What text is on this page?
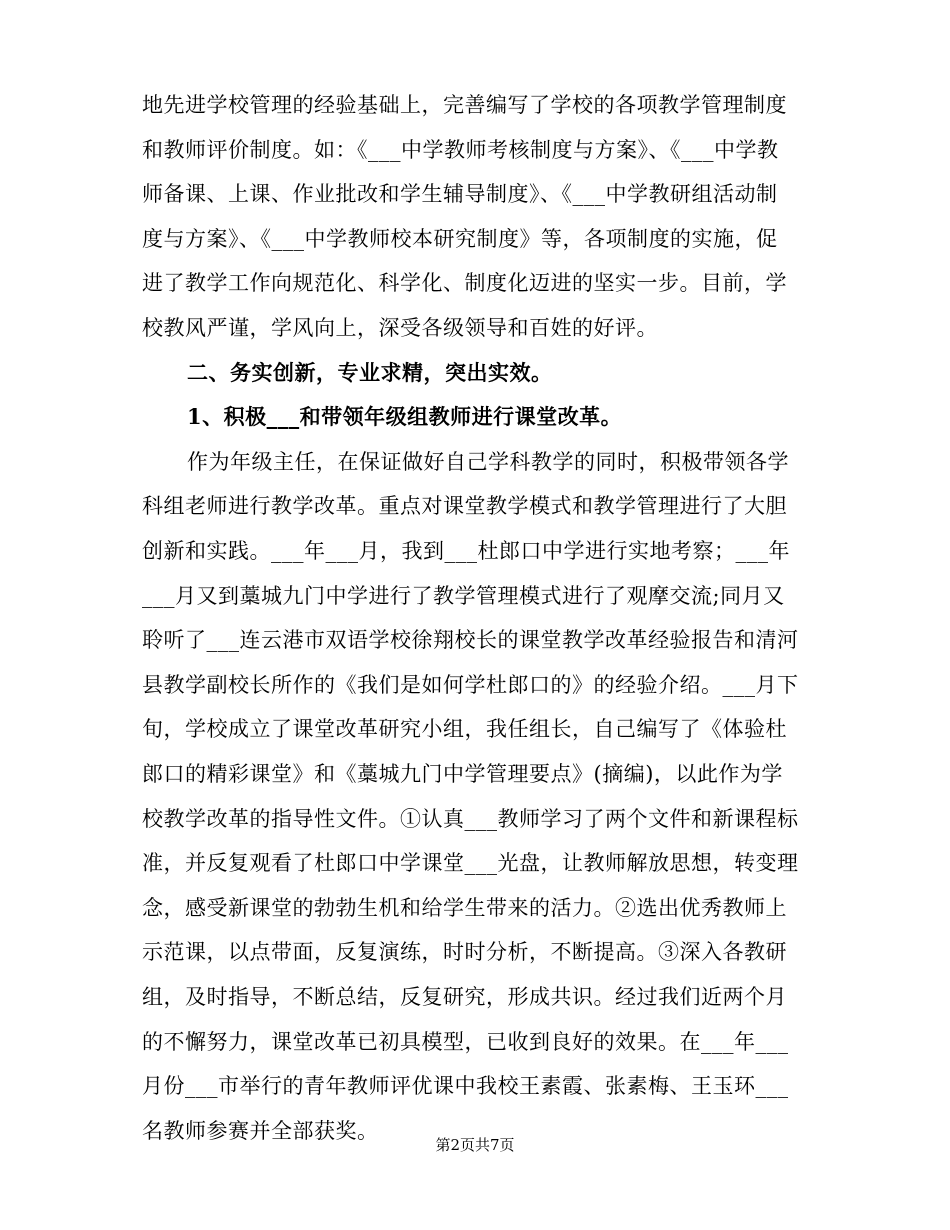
地先进学校管理的经验基础上，完善编写了学校的各项教学管理制度
和教师评价制度。如：《___中学教师考核制度与方案》、《___中学教
师备课、上课、作业批改和学生辅导制度》、《___中学教研组活动制
度与方案》、《___中学教师校本研究制度》等，各项制度的实施，促
进了教学工作向规范化、科学化、制度化迈进的坚实一步。目前，学
校教风严谨，学风向上，深受各级领导和百姓的好评。
二、务实创新，专业求精，突出实效。
1、积极___和带领年级组教师进行课堂改革。
作为年级主任，在保证做好自己学科教学的同时，积极带领各学
科组老师进行教学改革。重点对课堂教学模式和教学管理进行了大胆
创新和实践。___年___月，我到___杜郎口中学进行实地考察；___年
___月又到藁城九门中学进行了教学管理模式进行了观摩交流;同月又
聆听了___连云港市双语学校徐翔校长的课堂教学改革经验报告和清河
县教学副校长所作的《我们是如何学杜郎口的》的经验介绍。___月下
旬，学校成立了课堂改革研究小组，我任组长，自己编写了《体验杜
郎口的精彩课堂》和《藁城九门中学管理要点》(摘编)，以此作为学
校教学改革的指导性文件。①认真___教师学习了两个文件和新课程标
准，并反复观看了杜郎口中学课堂___光盘，让教师解放思想，转变理
念，感受新课堂的勃勃生机和给学生带来的活力。②选出优秀教师上
示范课，以点带面，反复演练，时时分析，不断提高。③深入各教研
组，及时指导，不断总结，反复研究，形成共识。经过我们近两个月
的不懈努力，课堂改革已初具模型，已收到良好的效果。在___年___
月份___市举行的青年教师评优课中我校王素霞、张素梅、王玉环___
名教师参赛并全部获奖。
第2页共7页
